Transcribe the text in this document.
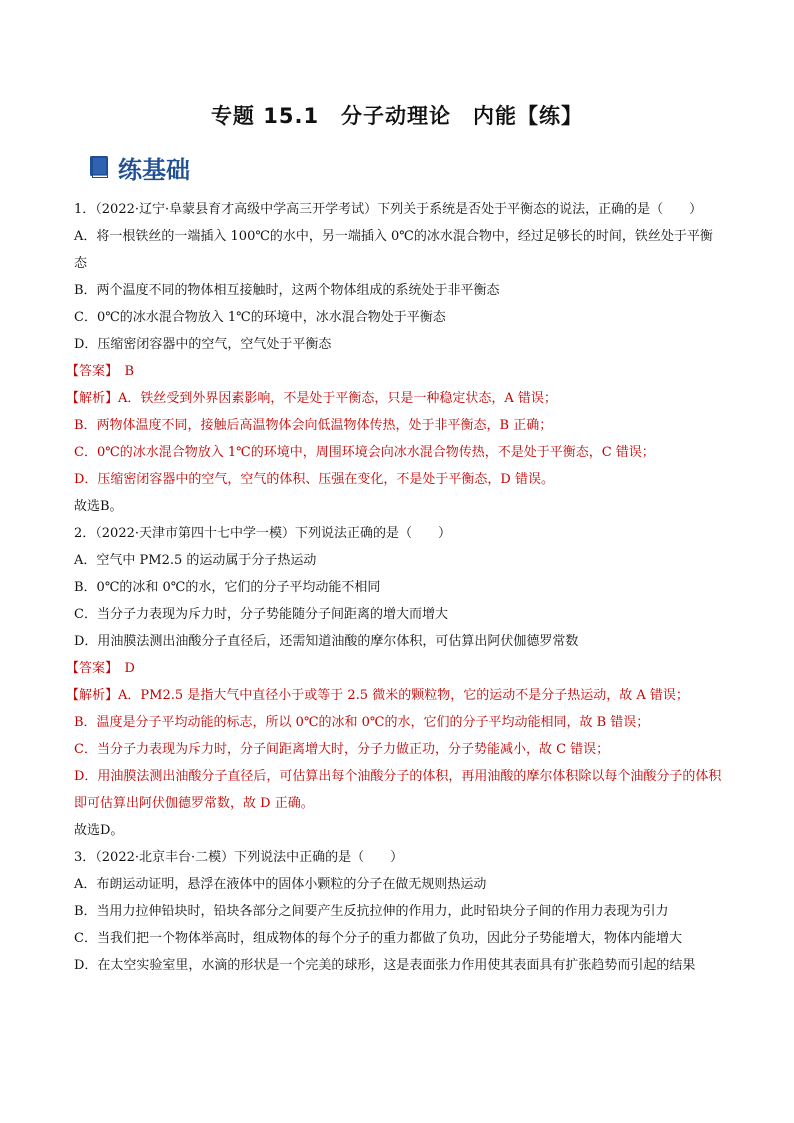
专题 15.1　分子动理论　内能【练】
练基础
1．（2022·辽宁·阜蒙县育才高级中学高三开学考试）下列关于系统是否处于平衡态的说法，正确的是（　　）
A．将一根铁丝的一端插入 100℃的水中，另一端插入 0℃的冰水混合物中，经过足够长的时间，铁丝处于平衡态
B．两个温度不同的物体相互接触时，这两个物体组成的系统处于非平衡态
C．0℃的冰水混合物放入 1℃的环境中，冰水混合物处于平衡态
D．压缩密闭容器中的空气，空气处于平衡态
【答案】　 B
【解析】A．铁丝受到外界因素影响，不是处于平衡态，只是一种稳定状态，A 错误；
B．两物体温度不同，接触后高温物体会向低温物体传热，处于非平衡态，B 正确；
C．0℃的冰水混合物放入 1℃的环境中，周围环境会向冰水混合物传热，不是处于平衡态，C 错误；
D．压缩密闭容器中的空气，空气的体积、压强在变化，不是处于平衡态，D 错误。
故选B。
2．（2022·天津市第四十七中学一模）下列说法正确的是（　　）
A．空气中 PM2.5 的运动属于分子热运动
B．0℃的冰和 0℃的水，它们的分子平均动能不相同
C．当分子力表现为斥力时，分子势能随分子间距离的增大而增大
D．用油膜法测出油酸分子直径后，还需知道油酸的摩尔体积，可估算出阿伏伽德罗常数
【答案】　 D
【解析】A．PM2.5 是指大气中直径小于或等于 2.5 微米的颗粒物，它的运动不是分子热运动，故 A 错误；
B．温度是分子平均动能的标志，所以 0℃的冰和 0℃的水，它们的分子平均动能相同，故 B 错误；
C．当分子力表现为斥力时，分子间距离增大时，分子力做正功，分子势能减小，故 C 错误；
D．用油膜法测出油酸分子直径后，可估算出每个油酸分子的体积，再用油酸的摩尔体积除以每个油酸分子的体积即可估算出阿伏伽德罗常数，故 D 正确。
故选D。
3．（2022·北京丰台·二模）下列说法中正确的是（　　）
A．布朗运动证明，悬浮在液体中的固体小颗粒的分子在做无规则热运动
B．当用力拉伸铅块时，铅块各部分之间要产生反抗拉伸的作用力，此时铅块分子间的作用力表现为引力
C．当我们把一个物体举高时，组成物体的每个分子的重力都做了负功，因此分子势能增大，物体内能增大
D．在太空实验室里，水滴的形状是一个完美的球形，这是表面张力作用使其表面具有扩张趋势而引起的结果
